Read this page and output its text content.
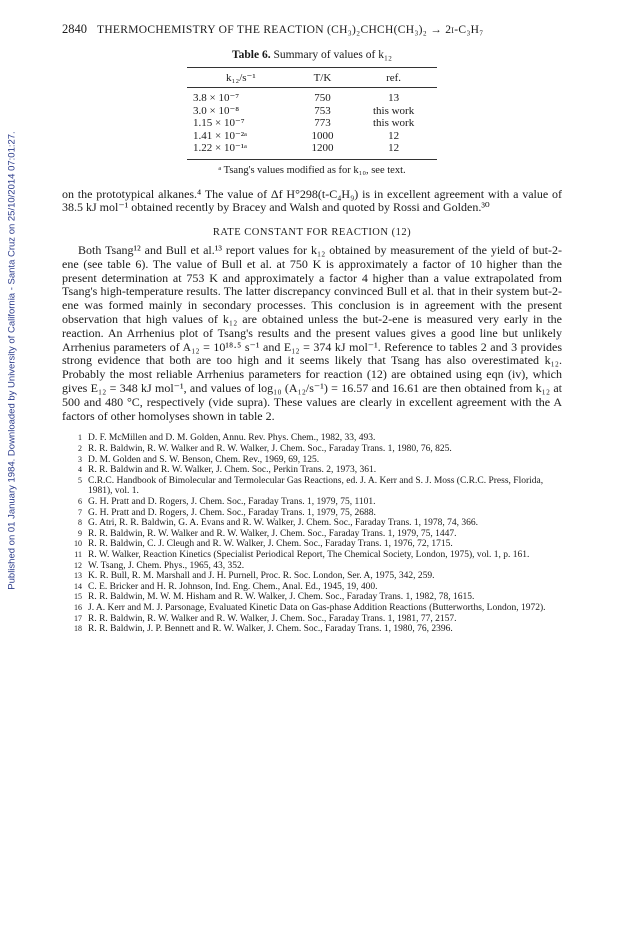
Published on 01 January 1984. Downloaded by University of California - Santa Cruz on 25/10/2014 07:01:27.
2840 THERMOCHEMISTRY OF THE REACTION (CH₃)₂CHCH(CH₃)₂ → 2i-C₃H₇
Table 6. Summary of values of k₁₂
k₁₂/s⁻¹	T/K	ref.
3.8 × 10⁻⁷	750	13
3.0 × 10⁻⁸	753	this work
1.15 × 10⁻⁷	773	this work
1.41 × 10⁻²ᵃ	1000	12
1.22 × 10⁻¹ᵃ	1200	12
ᵃ Tsang's values modified as for k₁₀, see text.

on the prototypical alkanes.⁴ The value of Δf H°298(t-C₄H₉) is in excellent agreement with a value of 38.5 kJ mol⁻¹ obtained recently by Bracey and Walsh and quoted by Rossi and Golden.³⁰

RATE CONSTANT FOR REACTION (12)

Both Tsang¹² and Bull et al.¹³ report values for k₁₂ obtained by measurement of the yield of but-2-ene (see table 6). The value of Bull et al. at 750 K is approximately a factor of 10 higher than the present determination at 753 K and approximately a factor 4 higher than a value extrapolated from Tsang's high-temperature results. The latter discrepancy convinced Bull et al. that in their system but-2-ene was formed mainly in secondary processes. This conclusion is in agreement with the present observation that high values of k₁₂ are obtained unless the but-2-ene is measured very early in the reaction. An Arrhenius plot of Tsang's results and the present values gives a good line but unlikely Arrhenius parameters of A₁₂ = 10¹⁸·⁵ s⁻¹ and E₁₂ = 374 kJ mol⁻¹. Reference to tables 2 and 3 provides strong evidence that both are too high and it seems likely that Tsang has also overestimated k₁₂. Probably the most reliable Arrhenius parameters for reaction (12) are obtained using eqn (iv), which gives E₁₂ = 348 kJ mol⁻¹, and values of log₁₀ (A₁₂/s⁻¹) = 16.57 and 16.61 are then obtained from k₁₂ at 500 and 480 °C, respectively (vide supra). These values are clearly in excellent agreement with the A factors of other homolyses shown in table 2.

1 D. F. McMillen and D. M. Golden, Annu. Rev. Phys. Chem., 1982, 33, 493.
2 R. R. Baldwin, R. W. Walker and R. W. Walker, J. Chem. Soc., Faraday Trans. 1, 1980, 76, 825.
3 D. M. Golden and S. W. Benson, Chem. Rev., 1969, 69, 125.
4 R. R. Baldwin and R. W. Walker, J. Chem. Soc., Perkin Trans. 2, 1973, 361.
5 C.R.C. Handbook of Bimolecular and Termolecular Gas Reactions, ed. J. A. Kerr and S. J. Moss (C.R.C. Press, Florida, 1981), vol. 1.
6 G. H. Pratt and D. Rogers, J. Chem. Soc., Faraday Trans. 1, 1979, 75, 1101.
7 G. H. Pratt and D. Rogers, J. Chem. Soc., Faraday Trans. 1, 1979, 75, 2688.
8 G. Atri, R. R. Baldwin, G. A. Evans and R. W. Walker, J. Chem. Soc., Faraday Trans. 1, 1978, 74, 366.
9 R. R. Baldwin, R. W. Walker and R. W. Walker, J. Chem. Soc., Faraday Trans. 1, 1979, 75, 1447.
10 R. R. Baldwin, C. J. Cleugh and R. W. Walker, J. Chem. Soc., Faraday Trans. 1, 1976, 72, 1715.
11 R. W. Walker, Reaction Kinetics (Specialist Periodical Report, The Chemical Society, London, 1975), vol. 1, p. 161.
12 W. Tsang, J. Chem. Phys., 1965, 43, 352.
13 K. R. Bull, R. M. Marshall and J. H. Purnell, Proc. R. Soc. London, Ser. A, 1975, 342, 259.
14 C. E. Bricker and H. R. Johnson, Ind. Eng. Chem., Anal. Ed., 1945, 19, 400.
15 R. R. Baldwin, M. W. M. Hisham and R. W. Walker, J. Chem. Soc., Faraday Trans. 1, 1982, 78, 1615.
16 J. A. Kerr and M. J. Parsonage, Evaluated Kinetic Data on Gas-phase Addition Reactions (Butterworths, London, 1972).
17 R. R. Baldwin, R. W. Walker and R. W. Walker, J. Chem. Soc., Faraday Trans. 1, 1981, 77, 2157.
18 R. R. Baldwin, J. P. Bennett and R. W. Walker, J. Chem. Soc., Faraday Trans. 1, 1980, 76, 2396.
